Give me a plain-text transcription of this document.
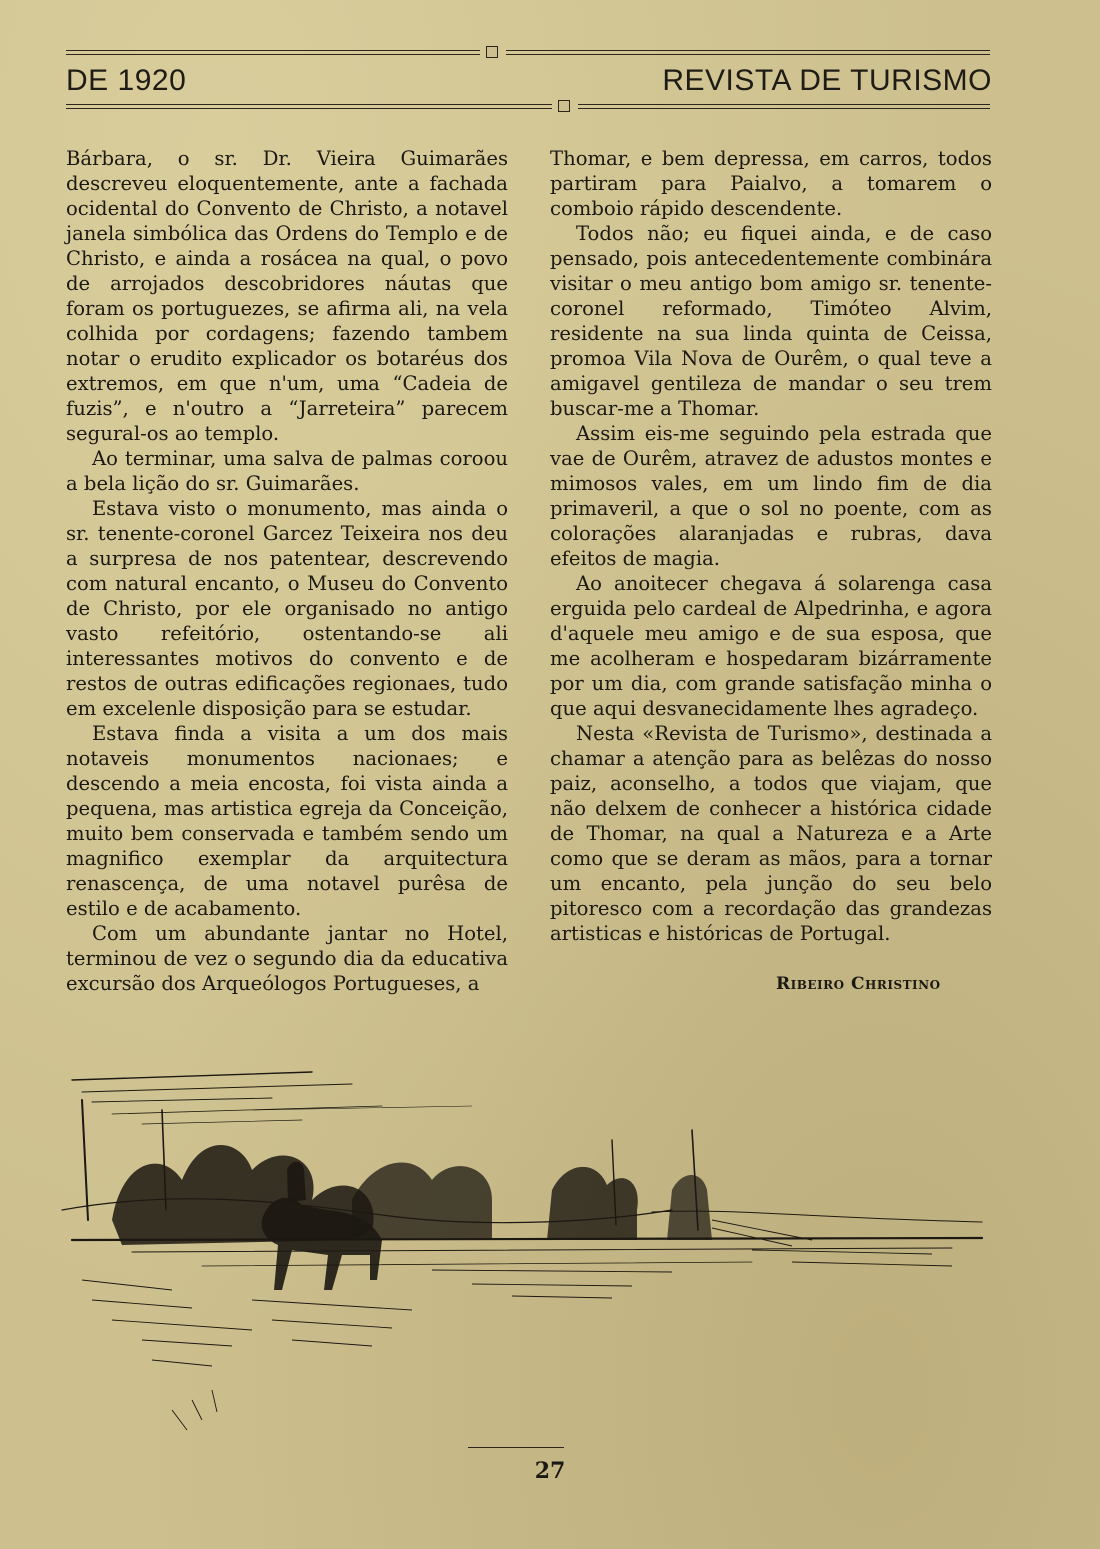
DE 1920	REVISTA DE TURISMO

Bárbara, o sr. Dr. Vieira Guimarães descreveu eloquentemente, ante a fachada ocidental do Convento de Christo, a notavel janela simbólica das Ordens do Templo e de Christo, e ainda a rosácea na qual, o povo de arrojados descobridores náutas que foram os portuguezes, se afirma ali, na vela colhida por cordagens; fazendo tambem notar o erudito explicador os botaréus dos extremos, em que n'um, uma “Cadeia de fuzis”, e n'outro a “Jarreteira” parecem segural-os ao templo.

Ao terminar, uma salva de palmas coroou a bela lição do sr. Guimarães.

Estava visto o monumento, mas ainda o sr. tenente-coronel Garcez Teixeira nos deu a surpresa de nos patentear, descrevendo com natural encanto, o Museu do Convento de Christo, por ele organisado no antigo vasto refeitório, ostentando-se ali interessantes motivos do convento e de restos de outras edificações regionaes, tudo em excelenle disposição para se estudar.

Estava finda a visita a um dos mais notaveis monumentos nacionaes; e descendo a meia encosta, foi vista ainda a pequena, mas artistica egreja da Conceição, muito bem conservada e também sendo um magnifico exemplar da arquitectura renascença, de uma notavel purêsa de estilo e de acabamento.

Com um abundante jantar no Hotel, terminou de vez o segundo dia da educativa excursão dos Arqueólogos Portugueses, a

Thomar, e bem depressa, em carros, todos partiram para Paialvo, a tomarem o comboio rápido descendente.

Todos não; eu fiquei ainda, e de caso pensado, pois antecedentemente combinára visitar o meu antigo bom amigo sr. tenente-coronel reformado, Timóteo Alvim, residente na sua linda quinta de Ceissa, promoa Vila Nova de Ourêm, o qual teve a amigavel gentileza de mandar o seu trem buscar-me a Thomar.

Assim eis-me seguindo pela estrada que vae de Ourêm, atravez de adustos montes e mimosos vales, em um lindo fim de dia primaveril, a que o sol no poente, com as colorações alaranjadas e rubras, dava efeitos de magia.

Ao anoitecer chegava á solarenga casa erguida pelo cardeal de Alpedrinha, e agora d'aquele meu amigo e de sua esposa, que me acolheram e hospedaram bizárramente por um dia, com grande satisfação minha o que aqui desvanecidamente lhes agradeço.

Nesta «Revista de Turismo», destinada a chamar a atenção para as belêzas do nosso paiz, aconselho, a todos que viajam, que não delxem de conhecer a histórica cidade de Thomar, na qual a Natureza e a Arte como que se deram as mãos, para a tornar um encanto, pela junção do seu belo pitoresco com a recordação das grandezas artisticas e históricas de Portugal.

Ribeiro Christino
27
